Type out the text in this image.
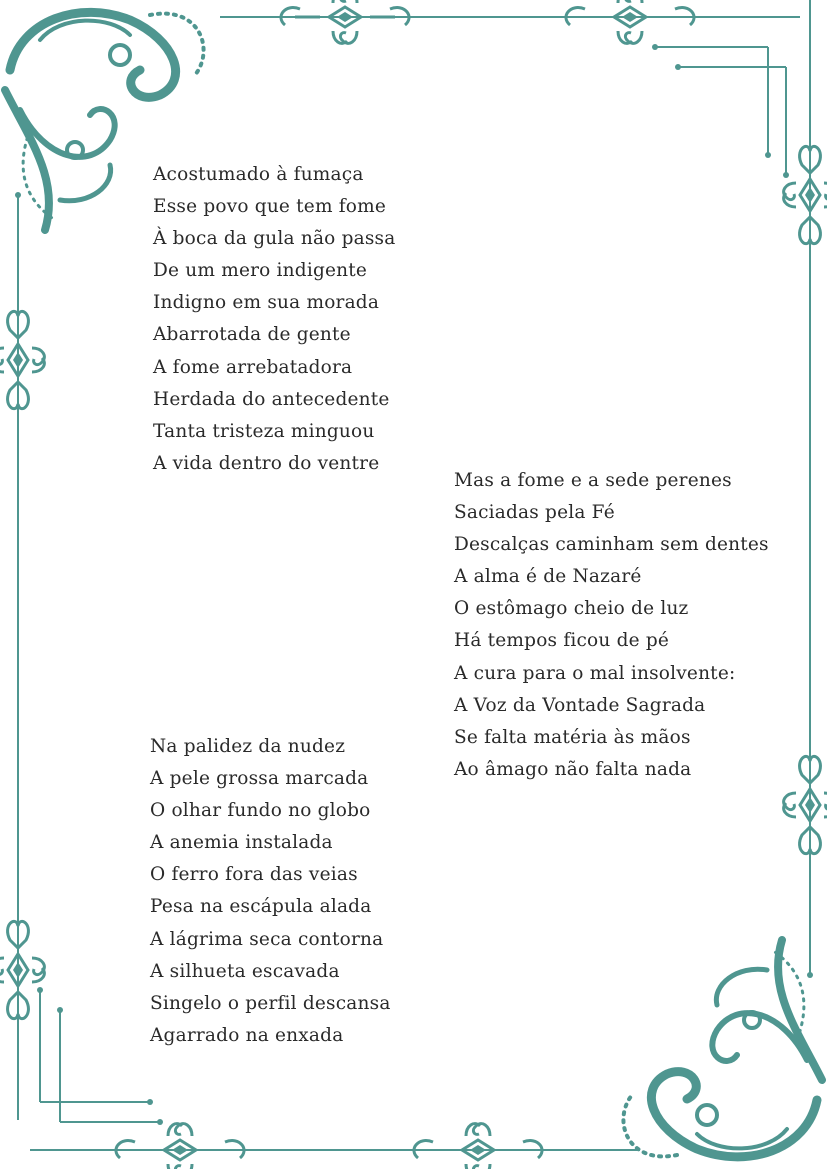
Acostumado à fumaça
Esse povo que tem fome
À boca da gula não passa
De um mero indigente
Indigno em sua morada
Abarrotada de gente
A fome arrebatadora
Herdada do antecedente
Tanta tristeza minguou
A vida dentro do ventre
Mas a fome e a sede perenes
Saciadas pela Fé
Descalças caminham sem dentes
A alma é de Nazaré
O estômago cheio de luz
Há tempos ficou de pé
A cura para o mal insolvente:
A Voz da Vontade Sagrada
Se falta matéria às mãos
Ao âmago não falta nada
Na palidez da nudez
A pele grossa marcada
O olhar fundo no globo
A anemia instalada
O ferro fora das veias
Pesa na escápula alada
A lágrima seca contorna
A silhueta escavada
Singelo o perfil descansa
Agarrado na enxada
